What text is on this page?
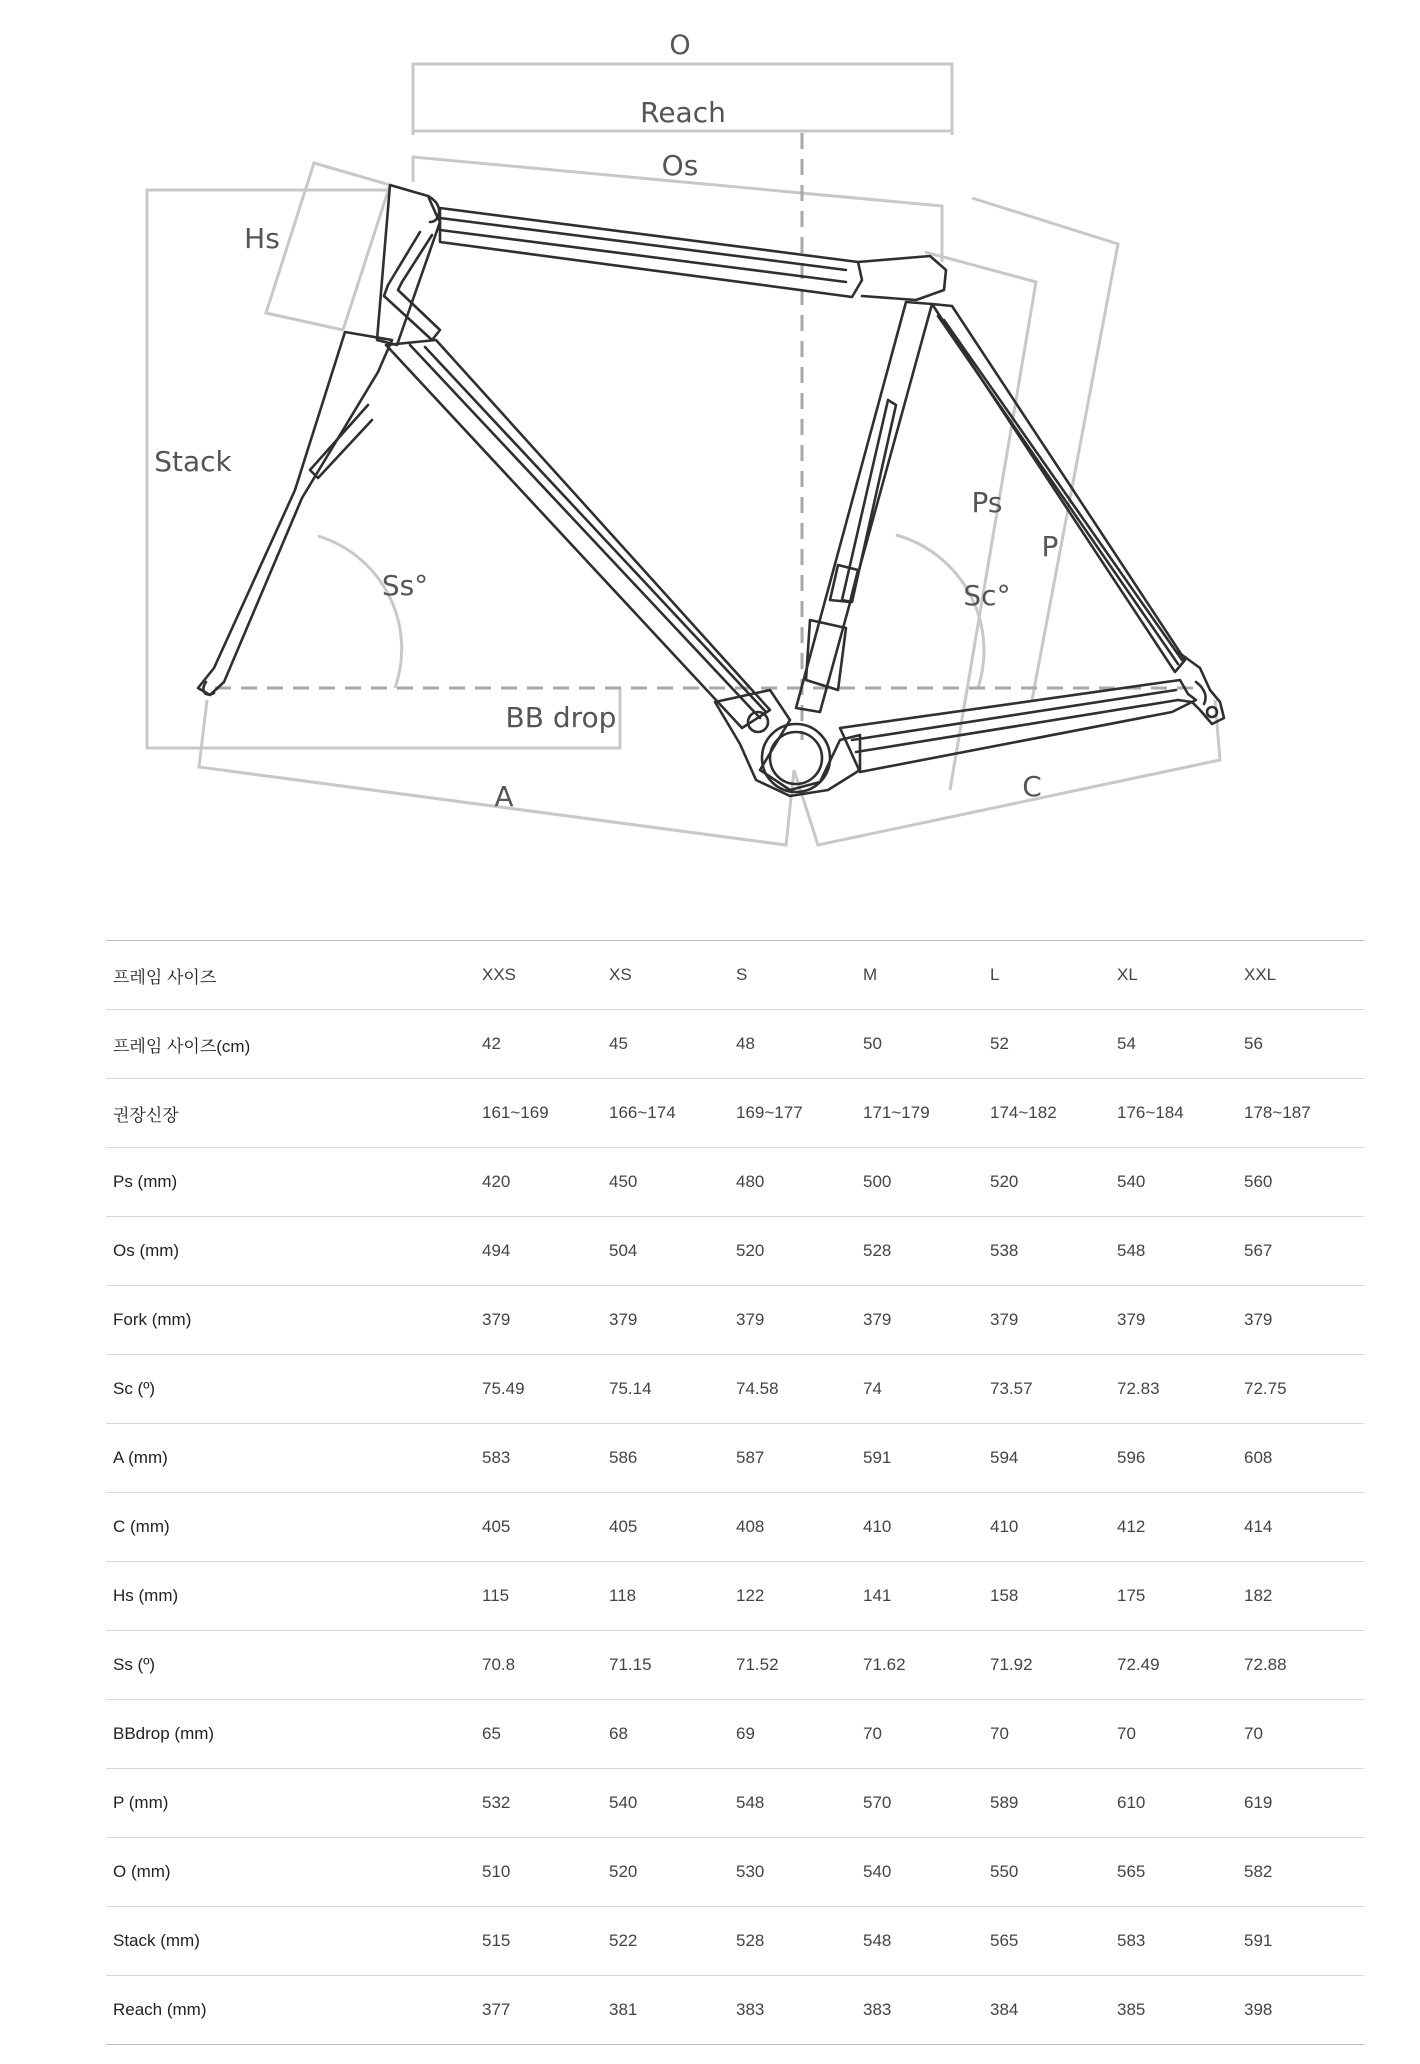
O
Reach
Os
Hs
Stack
Ss°
Ps
P
Sc°
BB drop
A	C
프레임 사이즈	XXS	XS	S	M	L	XL	XXL
프레임 사이즈(cm)	42	45	48	50	52	54	56
권장신장	161~169	166~174	169~177	171~179	174~182	176~184	178~187
Ps (mm)	420	450	480	500	520	540	560
Os (mm)	494	504	520	528	538	548	567
Fork (mm)	379	379	379	379	379	379	379
Sc (º)	75.49	75.14	74.58	74	73.57	72.83	72.75
A (mm)	583	586	587	591	594	596	608
C (mm)	405	405	408	410	410	412	414
Hs (mm)	115	118	122	141	158	175	182
Ss (º)	70.8	71.15	71.52	71.62	71.92	72.49	72.88
BBdrop (mm)	65	68	69	70	70	70	70
P (mm)	532	540	548	570	589	610	619
O (mm)	510	520	530	540	550	565	582
Stack (mm)	515	522	528	548	565	583	591
Reach (mm)	377	381	383	383	384	385	398
